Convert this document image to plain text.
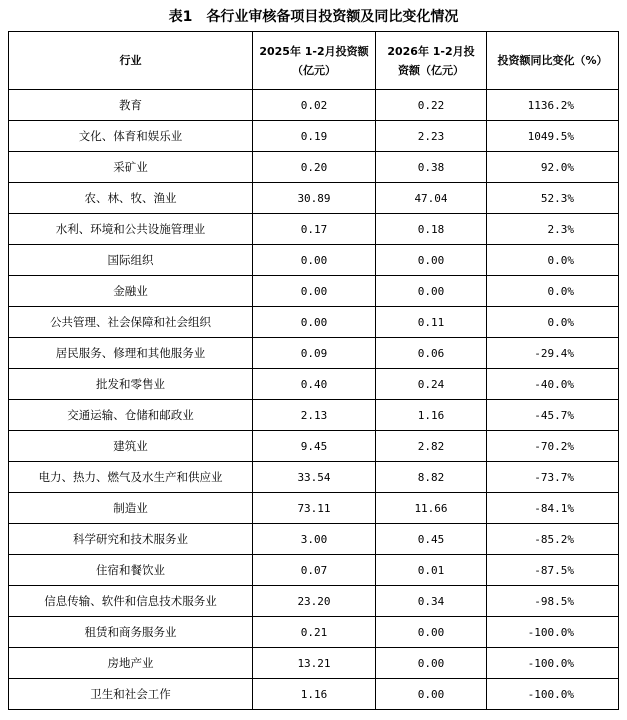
表1　各行业审核备项目投资额及同比变化情况
行业	2025年 1-2月投资额（亿元）	2026年 1-2月投资额（亿元）	投资额同比变化（%）
教育	0.02	0.22	1136.2%
文化、体育和娱乐业	0.19	2.23	1049.5%
采矿业	0.20	0.38	92.0%
农、林、牧、渔业	30.89	47.04	52.3%
水利、环境和公共设施管理业	0.17	0.18	2.3%
国际组织	0.00	0.00	0.0%
金融业	0.00	0.00	0.0%
公共管理、社会保障和社会组织	0.00	0.11	0.0%
居民服务、修理和其他服务业	0.09	0.06	-29.4%
批发和零售业	0.40	0.24	-40.0%
交通运输、仓储和邮政业	2.13	1.16	-45.7%
建筑业	9.45	2.82	-70.2%
电力、热力、燃气及水生产和供应业	33.54	8.82	-73.7%
制造业	73.11	11.66	-84.1%
科学研究和技术服务业	3.00	0.45	-85.2%
住宿和餐饮业	0.07	0.01	-87.5%
信息传输、软件和信息技术服务业	23.20	0.34	-98.5%
租赁和商务服务业	0.21	0.00	-100.0%
房地产业	13.21	0.00	-100.0%
卫生和社会工作	1.16	0.00	-100.0%
